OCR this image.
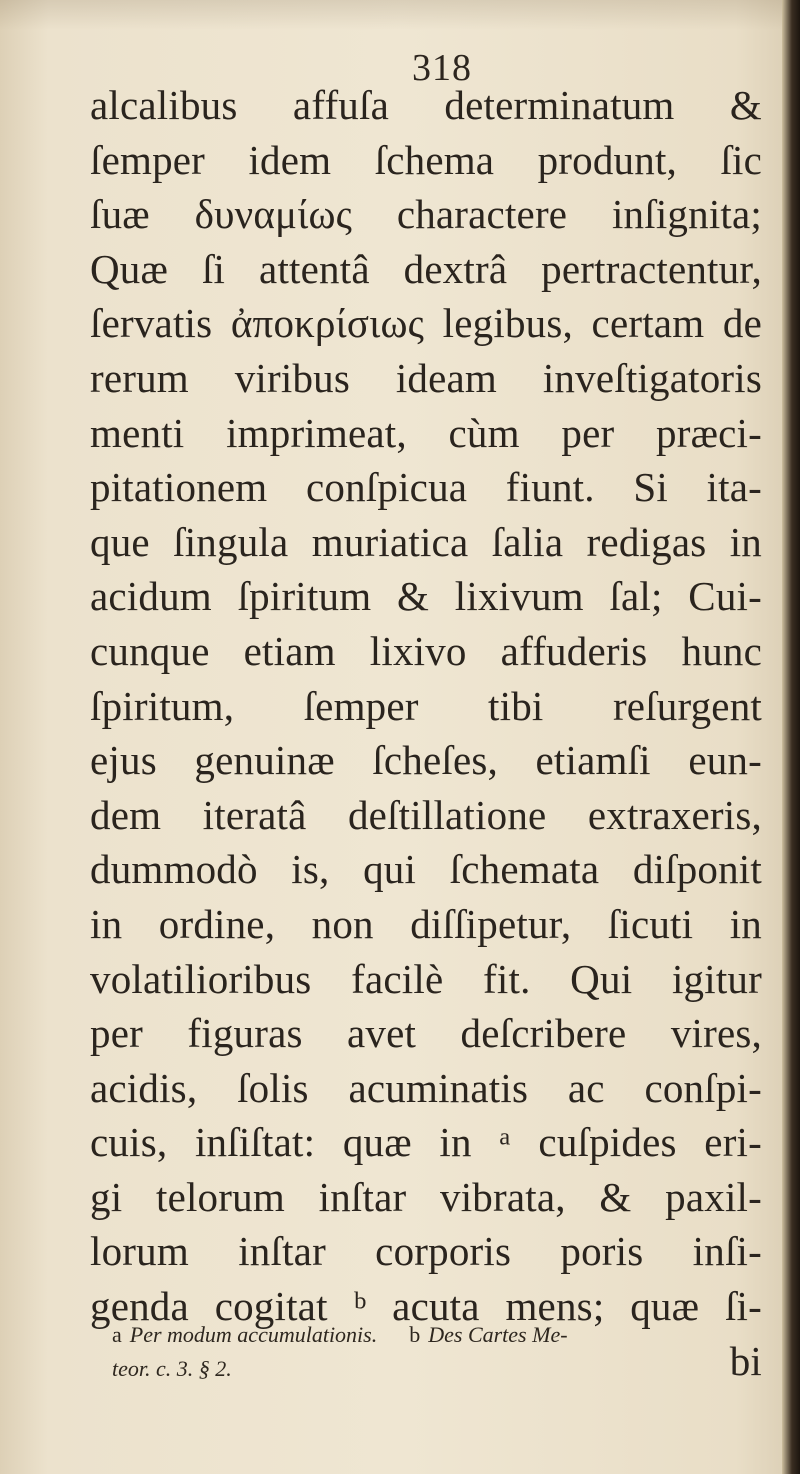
318
alcalibus affuſa determinatum &
ſemper idem ſchema produnt, ſic
ſuæ δυναμίως charactere inſignita;
Quæ ſi attentâ dextrâ pertractentur,
ſervatis ἀποκρίσιως legibus, certam de
rerum viribus ideam inveſtigatoris
menti imprimeat, cùm per præci-
pitationem conſpicua fiunt. Si ita-
que ſingula muriatica ſalia redigas in
acidum ſpiritum & lixivum ſal; Cui-
cunque etiam lixivo affuderis hunc
ſpiritum, ſemper tibi reſurgent
ejus genuinæ ſcheſes, etiamſi eun-
dem iteratâ deſtillatione extraxeris,
dummodò is, qui ſchemata diſponit
in ordine, non diſſipetur, ſicuti in
volatilioribus facilè fit. Qui igitur
per figuras avet deſcribere vires,
acidis, ſolis acuminatis ac conſpi-
cuis, inſiſtat: quæ in ᵃ cuſpides eri-
gi telorum inſtar vibrata, & paxil-
lorum inſtar corporis poris inſi-
genda cogitat ᵇ acuta mens; quæ ſi-
bi
a Per modum accumulationis. b Des Cartes Me-
teor. c. 3. § 2.
